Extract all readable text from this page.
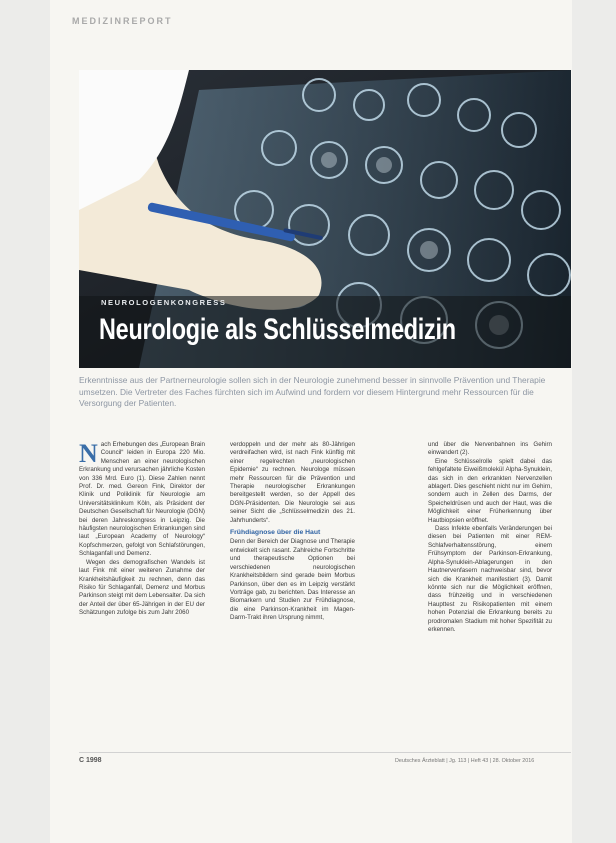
MEDIZINREPORT
NEUROLOGENKONGRESS
Neurologie als Schlüsselmedizin
Erkenntnisse aus der Partnerneurologie sollen sich in der Neurologie zunehmend besser in sinnvolle Prävention und Therapie umsetzen. Die Vertreter des Faches fürchten sich im Aufwind und fordern vor diesem Hintergrund mehr Ressourcen für die Versorgung der Patienten.
N ach Erhebungen des „European Brain Council“ leiden in Europa 220 Mio. Menschen an einer neurologischen Erkrankung und verursachen jährliche Kosten von 336 Mrd. Euro (1). Diese Zahlen nennt Prof. Dr. med. Gereon Fink, Direktor der Klinik und Poliklinik für Neurologie am Universitätsklinikum Köln, als Präsident der Deutschen Gesellschaft für Neurologie (DGN) bei deren Jahreskongress in Leipzig. Die häufigsten neurologischen Erkrankungen sind laut „European Academy of Neurology“ Kopfschmerzen, gefolgt von Schlafstörungen, Schlaganfall und Demenz.

Wegen des demografischen Wandels ist laut Fink mit einer weiteren Zunahme der Krankheitshäufigkeit zu rechnen, denn das Risiko für Schlaganfall, Demenz und Morbus Parkinson steigt mit dem Lebensalter. Da sich der Anteil der über 65-Jährigen in der EU der Schätzungen zufolge bis zum Jahr 2060

verdoppeln und der mehr als 80-Jährigen verdreifachen wird, ist nach Fink künftig mit einer regelrechten „neurologischen Epidemie“ zu rechnen. Neurologe müssen mehr Ressourcen für die Prävention und Therapie neurologischer Erkrankungen bereitgestellt werden, so der Appell des DGN-Präsidenten. Die Neurologie sei aus seiner Sicht die „Schlüsselmedizin des 21. Jahrhunderts“.

Frühdiagnose über die Haut

Denn der Bereich der Diagnose und Therapie entwickelt sich rasant. Zahlreiche Fortschritte und therapeutische Optionen bei verschiedenen neurologischen Krankheitsbildern sind gerade beim Morbus Parkinson, über den es im Leipzig verstärkt Vorträge gab, zu berichten. Das Interesse an Biomarkern und Studien zur Frühdiagnose, die eine Parkinson-Krankheit im Magen-Darm-Trakt ihren Ursprung nimmt,

und über die Nervenbahnen ins Gehirn einwandert (2).

Eine Schlüsselrolle spielt dabei das fehlgefaltete Eiweißmolekül Alpha-Synuklein, das sich in den erkrankten Nervenzellen ablagert. Dies geschieht nicht nur im Gehirn, sondern auch in Zellen des Darms, der Speicheldrüsen und auch der Haut, was die Möglichkeit einer Früherkennung über Hautbiopsien eröffnet.

Dass Infekte ebenfalls Veränderungen bei diesen bei Patienten mit einer REM-Schlafverhaltensstörung, einem Frühsymptom der Parkinson-Erkrankung, Alpha-Synuklein-Ablagerungen in den Hautnervenfasern nachweisbar sind, bevor sich die Krankheit manifestiert (3). Damit könnte sich nur die Möglichkeit eröffnen, dass frühzeitig und in verschiedenen Haupttest zu Risikopatienten mit einem hohen Potenzial die Erkrankung bereits zu prodromalen Stadium mit hoher Spezifität zu erkennen.

C 1998	Deutsches Ärzteblatt | Jg. 113 | Heft 43 | 28. Oktober 2016
